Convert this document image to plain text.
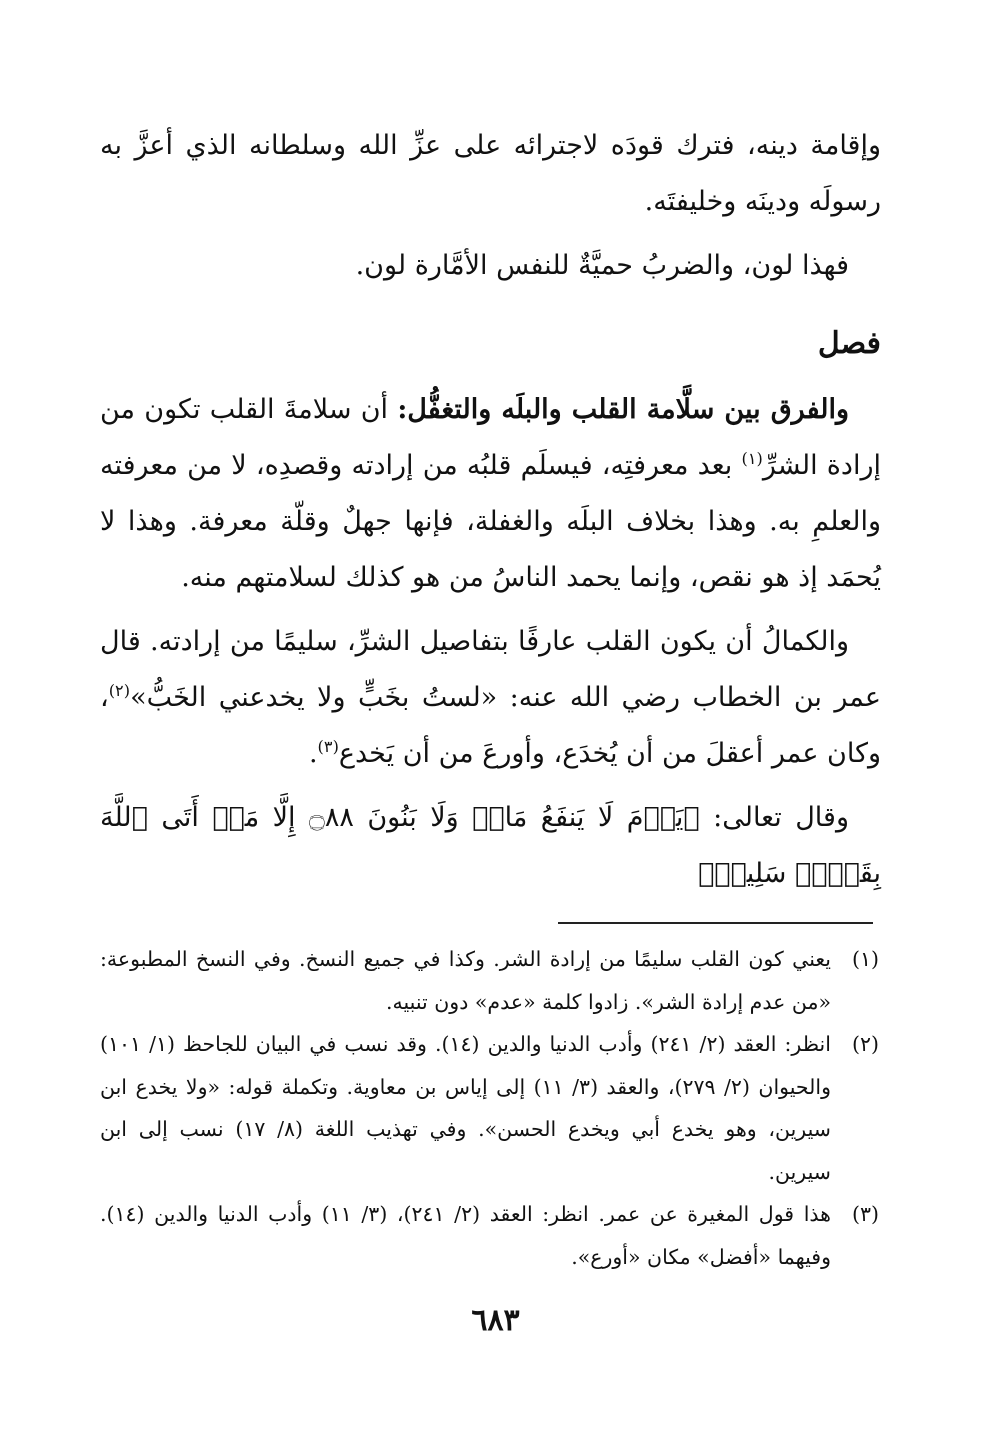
وإقامة دينه، فترك قودَه لاجترائه على عزِّ الله وسلطانه الذي أعزَّ به رسولَه ودينَه وخليفتَه.

فهذا لون، والضربُ حميَّةٌ للنفس الأمَّارة لون.

فصل

والفرق بين سلَّامة القلب والبلَه والتغفُّل: أن سلامةَ القلب تكون من إرادة الشرِّ$^{(١)}$ بعد معرفتِه، فيسلَم قلبُه من إرادته وقصدِه، لا من معرفته والعلمِ به. وهذا بخلاف البلَه والغفلة، فإنها جهلٌ وقلّة معرفة. وهذا لا يُحمَد إذ هو نقص، وإنما يحمد الناسُ من هو كذلك لسلامتهم منه.

والكمالُ أن يكون القلب عارفًا بتفاصيل الشرِّ، سليمًا من إرادته. قال عمر بن الخطاب رضي الله عنه: «لستُ بخَبٍّ ولا يخدعني الخَبُّ»$^{(٢)}$، وكان عمر أعقلَ من أن يُخدَع، وأورعَ من أن يَخدع$^{(٣)}$.

وقال تعالى: ﴿يَوۡمَ لَا يَنفَعُ مَالٞ وَلَا بَنُونَ ۝٨٨ إِلَّا مَنۡ أَتَى ٱللَّهَ بِقَلۡبٖ سَلِيمٖ﴾

(١)
يعني كون القلب سليمًا من إرادة الشر. وكذا في جميع النسخ. وفي النسخ المطبوعة: «من عدم إرادة الشر». زادوا كلمة «عدم» دون تنبيه.
(٢)
انظر: العقد (٢/ ٢٤١) وأدب الدنيا والدين (١٤). وقد نسب في البيان للجاحظ (١/ ١٠١) والحيوان (٢/ ٢٧٩)، والعقد (٣/ ١١) إلى إياس بن معاوية. وتكملة قوله: «ولا يخدع ابن سيرين، وهو يخدع أبي ويخدع الحسن». وفي تهذيب اللغة (٨/ ١٧) نسب إلى ابن سيرين.
(٣)
هذا قول المغيرة عن عمر. انظر: العقد (٢/ ٢٤١)، (٣/ ١١) وأدب الدنيا والدين (١٤). وفيهما «أفضل» مكان «أورع».
٦٨٣
